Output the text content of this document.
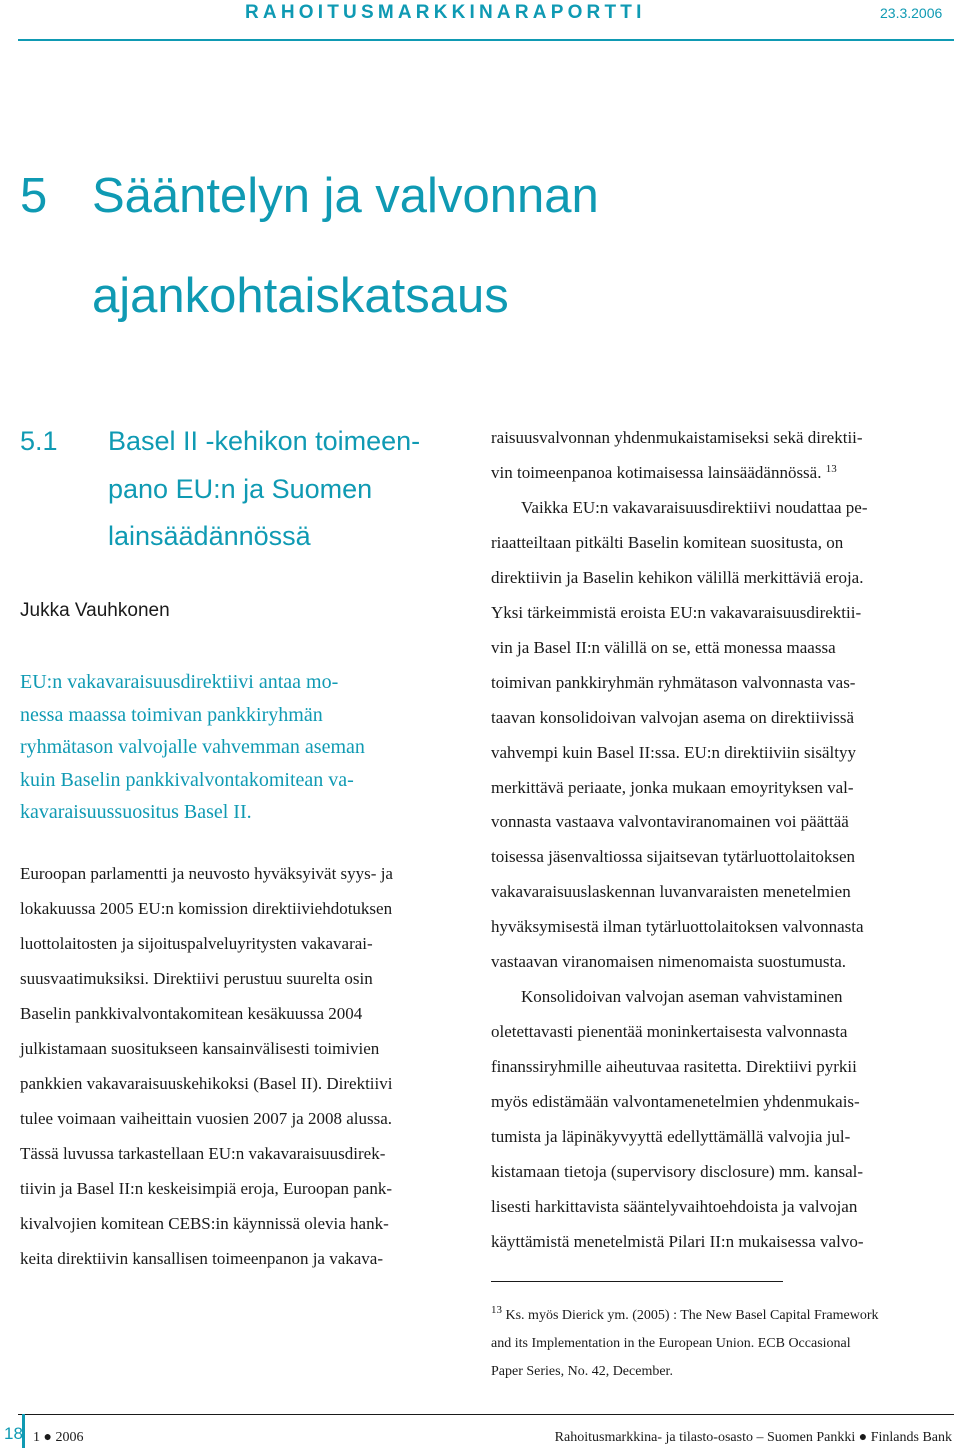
RAHOITUSMARKKINARAPORTTI	23.3.2006
5 Sääntelyn ja valvonnan
ajankohtaiskatsaus
5.1 Basel II -kehikon toimeen-
pano EU:n ja Suomen
lainsäädännössä
Jukka Vauhkonen
EU:n vakavaraisuusdirektiivi antaa mo-
nessa maassa toimivan pankkiryhmän
ryhmätason valvojalle vahvemman aseman
kuin Baselin pankkivalvontakomitean va-
kavaraisuussuositus Basel II.
Euroopan parlamentti ja neuvosto hyväksyivät syys- ja
lokakuussa 2005 EU:n komission direktiiviehdotuksen
luottolaitosten ja sijoituspalveluyritysten vakavarai-
suusvaatimuksiksi. Direktiivi perustuu suurelta osin
Baselin pankkivalvontakomitean kesäkuussa 2004
julkistamaan suositukseen kansainvälisesti toimivien
pankkien vakavaraisuuskehikoksi (Basel II). Direktiivi
tulee voimaan vaiheittain vuosien 2007 ja 2008 alussa.
Tässä luvussa tarkastellaan EU:n vakavaraisuusdirek-
tiivin ja Basel II:n keskeisimpiä eroja, Euroopan pank-
kivalvojien komitean CEBS:in käynnissä olevia hank-
keita direktiivin kansallisen toimeenpanon ja vakava-
raisuusvalvonnan yhdenmukaistamiseksi sekä direktii-
vin toimeenpanoa kotimaisessa lainsäädännössä. $^{13}$
Vaikka EU:n vakavaraisuusdirektiivi noudattaa pe-
riaatteiltaan pitkälti Baselin komitean suositusta, on
direktiivin ja Baselin kehikon välillä merkittäviä eroja.
Yksi tärkeimmistä eroista EU:n vakavaraisuusdirektii-
vin ja Basel II:n välillä on se, että monessa maassa
toimivan pankkiryhmän ryhmätason valvonnasta vas-
taavan konsolidoivan valvojan asema on direktiivissä
vahvempi kuin Basel II:ssa. EU:n direktiiviin sisältyy
merkittävä periaate, jonka mukaan emoyrityksen val-
vonnasta vastaava valvontaviranomainen voi päättää
toisessa jäsenvaltiossa sijaitsevan tytärluottolaitoksen
vakavaraisuuslaskennan luvanvaraisten menetelmien
hyväksymisestä ilman tytärluottolaitoksen valvonnasta
vastaavan viranomaisen nimenomaista suostumusta.
Konsolidoivan valvojan aseman vahvistaminen
oletettavasti pienentää moninkertaisesta valvonnasta
finanssiryhmille aiheutuvaa rasitetta. Direktiivi pyrkii
myös edistämään valvontamenetelmien yhdenmukais-
tumista ja läpinäkyvyyttä edellyttämällä valvojia jul-
kistamaan tietoja (supervisory disclosure) mm. kansal-
lisesti harkittavista sääntelyvaihtoehdoista ja valvojan
käyttämistä menetelmistä Pilari II:n mukaisessa valvo-
$^{13}$ Ks. myös Dierick ym. (2005) : The New Basel Capital Framework
and its Implementation in the European Union. ECB Occasional
Paper Series, No. 42, December.
18 1 ● 2006	Rahoitusmarkkina- ja tilasto-osasto – Suomen Pankki ● Finlands Bank
